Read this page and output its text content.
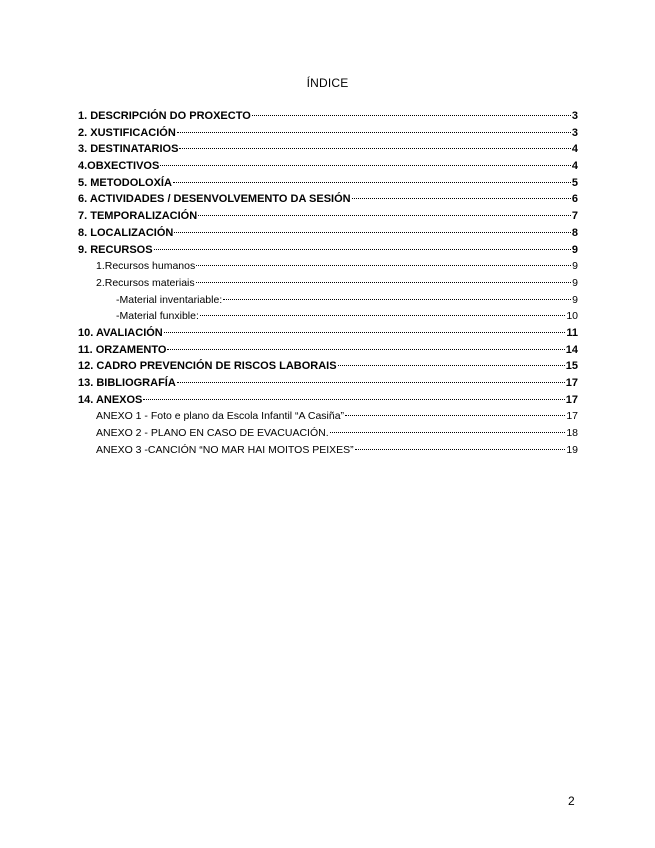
ÍNDICE
1. DESCRIPCIÓN DO PROXECTO	3
2. XUSTIFICACIÓN	3
3. DESTINATARIOS	4
4.OBXECTIVOS	4
5. METODOLOXÍA	5
6. ACTIVIDADES / DESENVOLVEMENTO DA SESIÓN	6
7. TEMPORALIZACIÓN	7
8. LOCALIZACIÓN	8
9. RECURSOS	9
1.Recursos humanos	9
2.Recursos materiais	9
-Material inventariable:	9
-Material funxible:	10
10. AVALIACIÓN	11
11. ORZAMENTO	14
12. CADRO PREVENCIÓN DE RISCOS LABORAIS	15
13. BIBLIOGRAFÍA	17
14. ANEXOS	17
ANEXO 1 - Foto e plano da Escola Infantil “A Casiña”	17
ANEXO 2 - PLANO EN CASO DE EVACUACIÓN.	18
ANEXO 3 -CANCIÓN “NO MAR HAI MOITOS PEIXES”	19
2
